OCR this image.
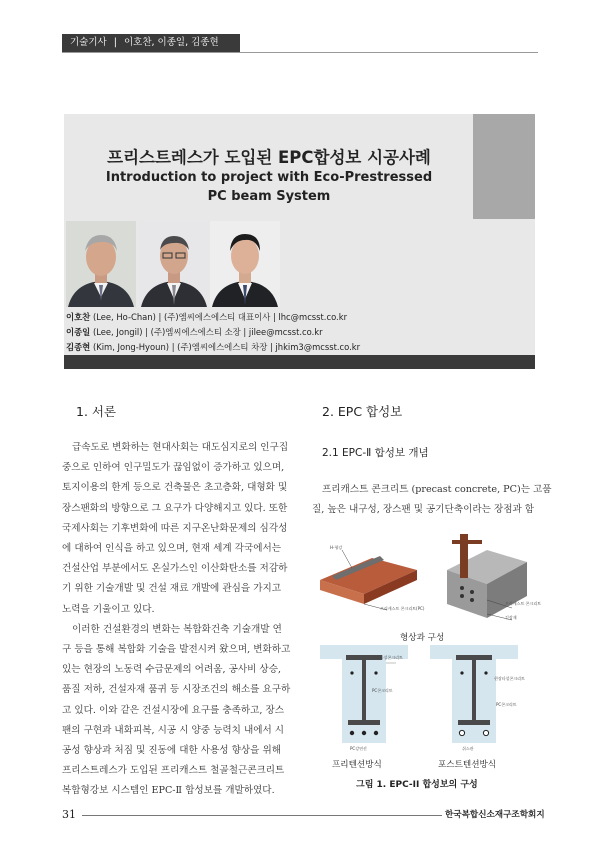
기술기사 | 이호찬, 이종일, 김종현
프리스트레스가 도입된 EPC합성보 시공사례
Introduction to project with Eco-Prestressed
PC beam System
이호찬 (Lee, Ho-Chan) | (주)엠씨에스에스티 대표이사 | lhc@mcsst.co.kr
이종일 (Lee, Jongil) | (주)엠씨에스에스티 소장 | jilee@mcsst.co.kr
김종현 (Kim, Jong-Hyoun) | (주)엠씨에스에스티 차장 | jhkim3@mcsst.co.kr
1. 서론

급속도로 변화하는 현대사회는 대도심지로의 인구집

중으로 인하여 인구밀도가 끊임없이 증가하고 있으며,

토지이용의 한계 등으로 건축물은 초고층화, 대형화 및

장스팬화의 방향으로 그 요구가 다양해지고 있다. 또한

국제사회는 기후변화에 따른 지구온난화문제의 심각성

에 대하여 인식을 하고 있으며, 현재 세계 각국에서는

건설산업 부분에서도 온실가스인 이산화탄소를 저감하

기 위한 기술개발 및 건설 재료 개발에 관심을 가지고

노력을 기울이고 있다.

이러한 건설환경의 변화는 복합화건축 기술개발 연

구 등을 통해 복합화 기술을 발전시켜 왔으며, 변화하고

있는 현장의 노동력 수급문제의 어려움, 공사비 상승,

품질 저하, 건설자재 품귀 등 시장조건의 해소를 요구하

고 있다. 이와 같은 건설시장에 요구를 충족하고, 장스

팬의 구현과 내화피복, 시공 시 양중 능력치 내에서 시

공성 향상과 처짐 및 진동에 대한 사용성 향상을 위해

프리스트레스가 도입된 프리캐스트 철골철근콘크리트

복합형강보 시스템인 EPC-Ⅱ 합성보를 개발하였다.

2. EPC 합성보
2.1 EPC-Ⅱ 합성보 개념

프리캐스트 콘크리트 (precast concrete, PC)는 고품

질, 높은 내구성, 장스팬 및 공기단축이라는 장점과 함

H-형강
프리캐스트 콘크리트(PC)
프리캐스트 콘크리트
긴장재
형상과 구성
현장타설콘크리트
PC콘크리트
PC강연선
현장타설콘크리트
PC콘크리트
쉬스관
프리텐션방식	포스트텐션방식
그림 1. EPC-II 합성보의 구성
31	한국복합신소재구조학회지
